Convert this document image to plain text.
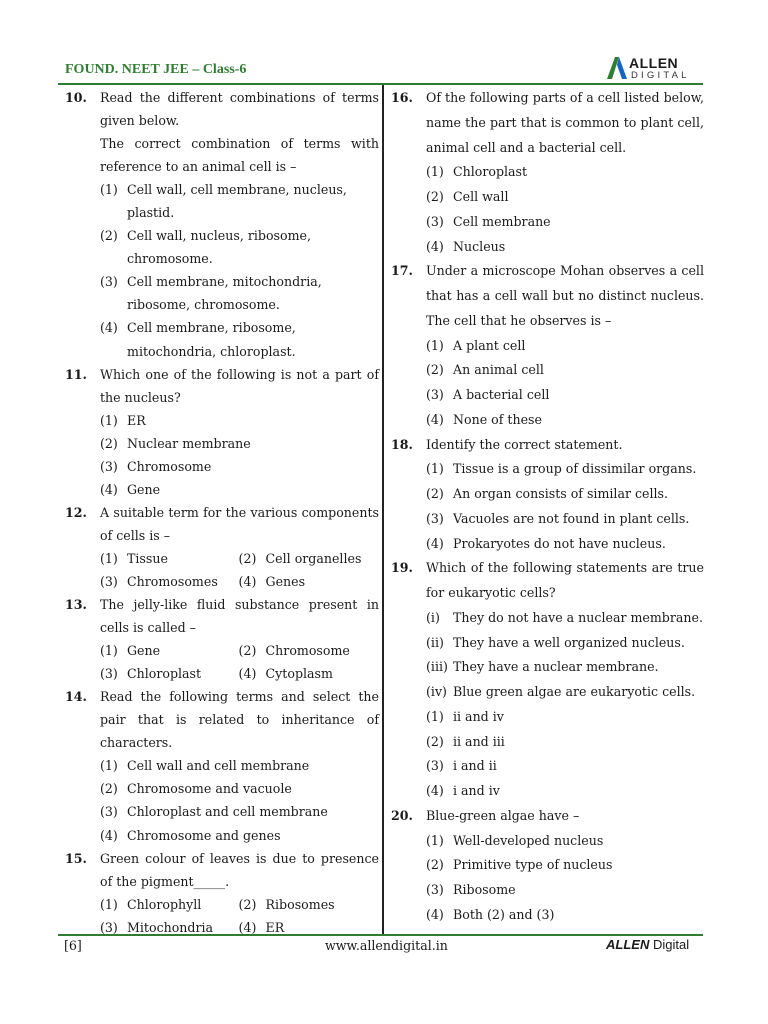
FOUND. NEET JEE – Class-6	ALLEN
DIGITAL
10. Read the different combinations of terms given below.

The correct combination of terms with reference to an animal cell is –

(1) Cell wall, cell membrane, nucleus, plastid.
(2) Cell wall, nucleus, ribosome, chromosome.
(3) Cell membrane, mitochondria, ribosome, chromosome.
(4) Cell membrane, ribosome, mitochondria, chloroplast.
11. Which one of the following is not a part of the nucleus?

(1) ER
(2) Nuclear membrane
(3) Chromosome
(4) Gene
12. A suitable term for the various components of cells is –

(1) Tissue	(2) Cell organelles
(3) Chromosomes	(4) Genes
13. The jelly-like fluid substance present in cells is called –

(1) Gene	(2) Chromosome
(3) Chloroplast	(4) Cytoplasm
14. Read the following terms and select the pair that is related to inheritance of characters.

(1) Cell wall and cell membrane
(2) Chromosome and vacuole
(3) Chloroplast and cell membrane
(4) Chromosome and genes
15. Green colour of leaves is due to presence of the pigment_____.

(1) Chlorophyll	(2) Ribosomes
(3) Mitochondria	(4) ER
16. Of the following parts of a cell listed below, name the part that is common to plant cell, animal cell and a bacterial cell.

(1) Chloroplast
(2) Cell wall
(3) Cell membrane
(4) Nucleus
17. Under a microscope Mohan observes a cell that has a cell wall but no distinct nucleus. The cell that he observes is –

(1) A plant cell
(2) An animal cell
(3) A bacterial cell
(4) None of these
18. Identify the correct statement.

(1) Tissue is a group of dissimilar organs.
(2) An organ consists of similar cells.
(3) Vacuoles are not found in plant cells.
(4) Prokaryotes do not have nucleus.
19. Which of the following statements are true for eukaryotic cells?

(i) They do not have a nuclear membrane.
(ii) They have a well organized nucleus.
(iii) They have a nuclear membrane.
(iv) Blue green algae are eukaryotic cells.
(1) ii and iv
(2) ii and iii
(3) i and ii
(4) i and iv
20. Blue-green algae have –

(1) Well-developed nucleus
(2) Primitive type of nucleus
(3) Ribosome
(4) Both (2) and (3)
[6]	www.allendigital.in	ALLEN Digital
